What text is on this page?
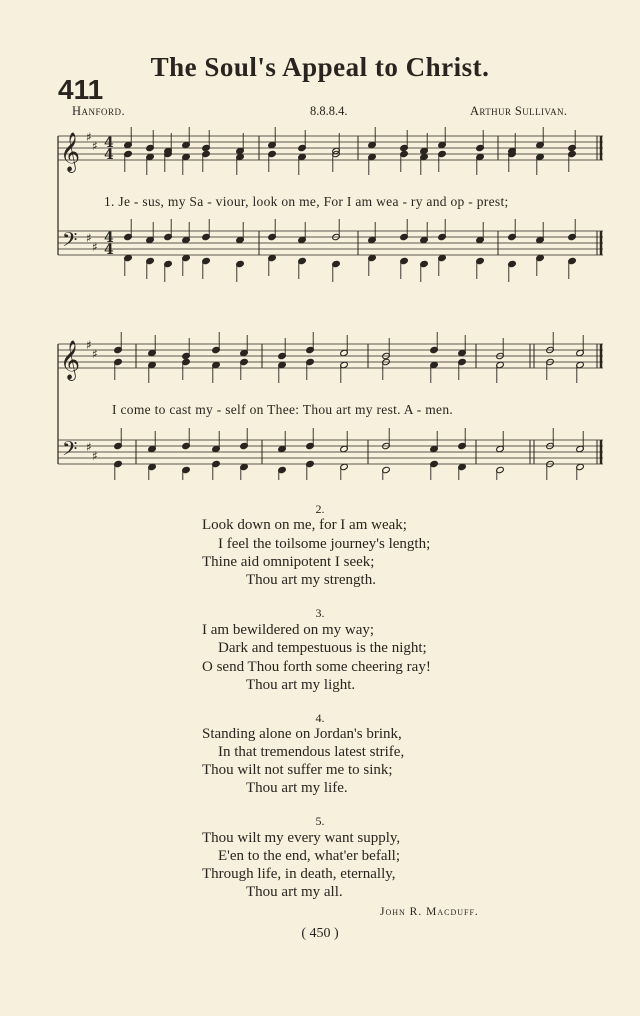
The Soul's Appeal to Christ.
411
Hanford.	8.8.8.4.	Arthur Sullivan.
𝄞
𝄢
♯
♯
♯
♯
4
4
4
4
𝄞
𝄢
♯
♯
♯
♯
1. Je - sus, my Sa - viour, look on me, For I am wea - ry and op - prest;
I come to cast my - self on Thee: Thou art my rest. A - men.
2.
Look down on me, for I am weak;
I feel the toilsome journey's length;
Thine aid omnipotent I seek;
Thou art my strength.
3.
I am bewildered on my way;
Dark and tempestuous is the night;
O send Thou forth some cheering ray!
Thou art my light.
4.
Standing alone on Jordan's brink,
In that tremendous latest strife,
Thou wilt not suffer me to sink;
Thou art my life.
5.
Thou wilt my every want supply,
E'en to the end, what'er befall;
Through life, in death, eternally,
Thou art my all.
John R. Macduff.
( 450 )
